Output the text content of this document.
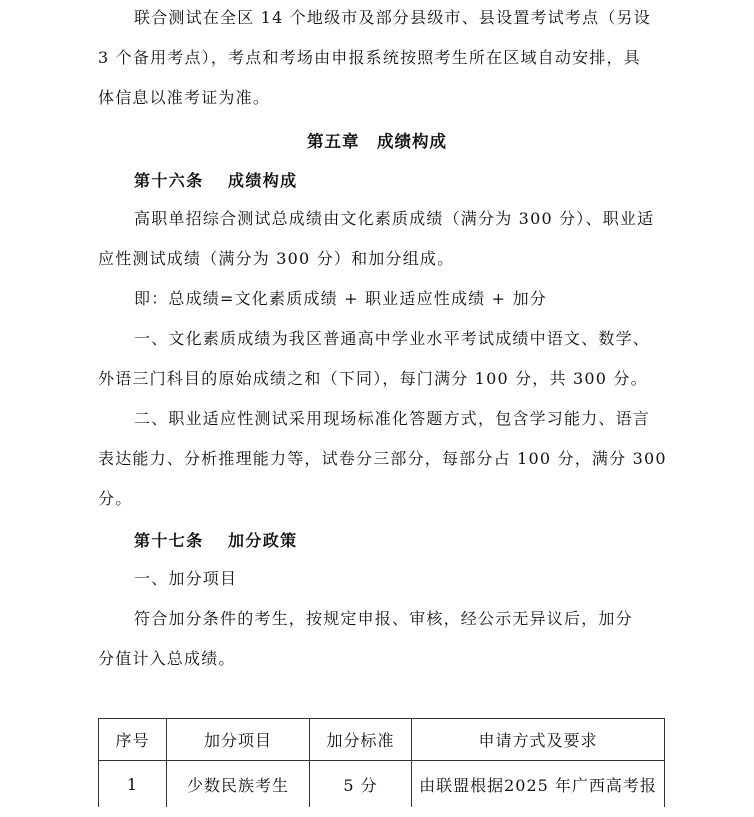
联合测试在全区 14 个地级市及部分县级市、县设置考试考点（另设
3 个备用考点），考点和考场由申报系统按照考生所在区域自动安排，具
体信息以准考证为准。
第五章　成绩构成
第十六条　 成绩构成
高职单招综合测试总成绩由文化素质成绩（满分为 300 分）、职业适
应性测试成绩（满分为 300 分）和加分组成。
即：总成绩=文化素质成绩 + 职业适应性成绩 + 加分
一、文化素质成绩为我区普通高中学业水平考试成绩中语文、数学、
外语三门科目的原始成绩之和（下同），每门满分 100 分，共 300 分。
二、职业适应性测试采用现场标准化答题方式，包含学习能力、语言
表达能力、分析推理能力等，试卷分三部分，每部分占 100 分，满分 300
分。
第十七条　 加分政策
一、加分项目
符合加分条件的考生，按规定申报、审核，经公示无异议后，加分
分值计入总成绩。
序号	加分项目	加分标准	申请方式及要求
1	少数民族考生	5 分	由联盟根据2025 年广西高考报
